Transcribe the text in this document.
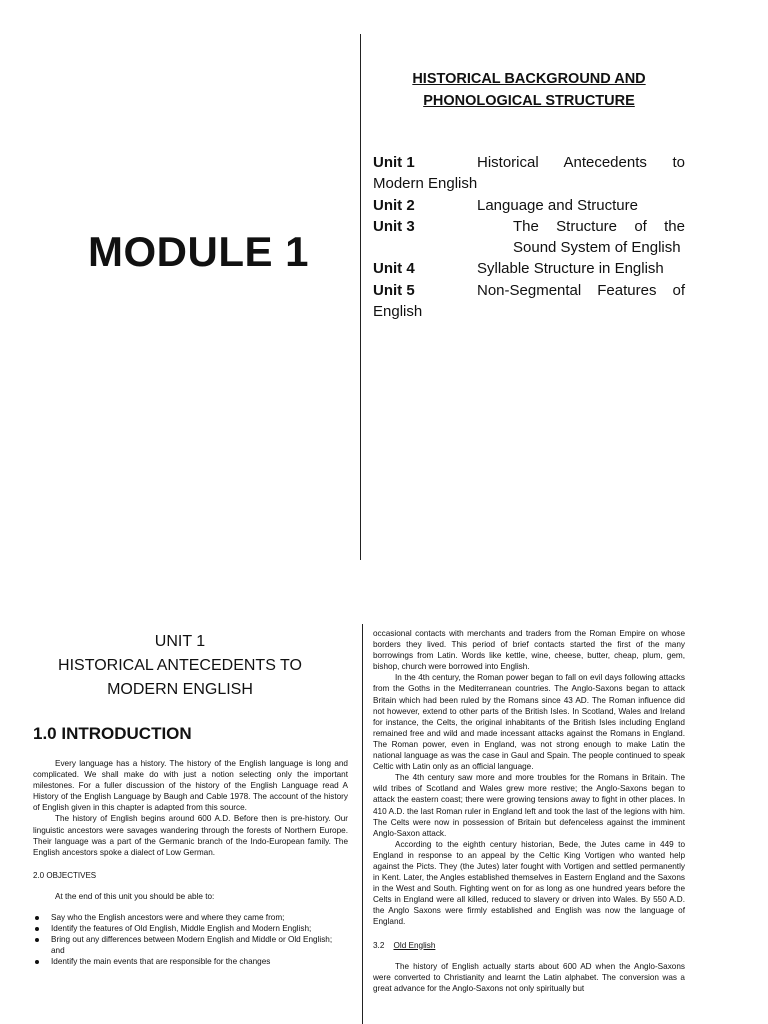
MODULE 1
HISTORICAL BACKGROUND AND
PHONOLOGICAL STRUCTURE
Unit 1	Historical Antecedents to Modern English
Unit 2	Language and Structure
Unit 3	The Structure of the Sound System of English
Unit 4	Syllable Structure in English
Unit 5	Non-Segmental Features of English
UNIT 1
HISTORICAL ANTECEDENTS TO
MODERN ENGLISH
1.0 INTRODUCTION

Every language has a history. The history of the English language is long and complicated. We shall make do with just a notion selecting only the important milestones. For a fuller discussion of the history of the English Language read A History of the English Language by Baugh and Cable 1978. The account of the history of English given in this chapter is adapted from this source.

The history of English begins around 600 A.D. Before then is pre-history. Our linguistic ancestors were savages wandering through the forests of Northern Europe. Their language was a part of the Germanic branch of the Indo-European family. The English ancestors spoke a dialect of Low German.

2.0 OBJECTIVES

At the end of this unit you should be able to:

Say who the English ancestors were and where they came from;
Identify the features of Old English, Middle English and Modern English;
Bring out any differences between Modern English and Middle or Old English; and
Identify the main events that are responsible for the changes

occasional contacts with merchants and traders from the Roman Empire on whose borders they lived. This period of brief contacts started the first of the many borrowings from Latin. Words like kettle, wine, cheese, butter, cheap, plum, gem, bishop, church were borrowed into English.

In the 4th century, the Roman power began to fall on evil days following attacks from the Goths in the Mediterranean countries. The Anglo-Saxons began to attack Britain which had been ruled by the Romans since 43 AD. The Roman influence did not however, extend to other parts of the British Isles. In Scotland, Wales and Ireland for instance, the Celts, the original inhabitants of the British Isles including England remained free and wild and made incessant attacks against the Romans in England. The Roman power, even in England, was not strong enough to make Latin the national language as was the case in Gaul and Spain. The people continued to speak Celtic with Latin only as an official language.

The 4th century saw more and more troubles for the Romans in Britain. The wild tribes of Scotland and Wales grew more restive; the Anglo-Saxons began to attack the eastern coast; there were growing tensions away to fight in other places. In 410 A.D. the last Roman ruler in England left and took the last of the legions with him. The Celts were now in possession of Britain but defenceless against the imminent Anglo-Saxon attack.

According to the eighth century historian, Bede, the Jutes came in 449 to England in response to an appeal by the Celtic King Vortigen who wanted help against the Picts. They (the Jutes) later fought with Vortigen and settled permanently in Kent. Later, the Angles established themselves in Eastern England and the Saxons in the West and South. Fighting went on for as long as one hundred years before the Celts in England were all killed, reduced to slavery or driven into Wales. By 550 A.D. the Anglo Saxons were firmly established and English was now the language of England.

3.2 Old English

The history of English actually starts about 600 AD when the Anglo-Saxons were converted to Christianity and learnt the Latin alphabet. The conversion was a great advance for the Anglo-Saxons not only spiritually but
